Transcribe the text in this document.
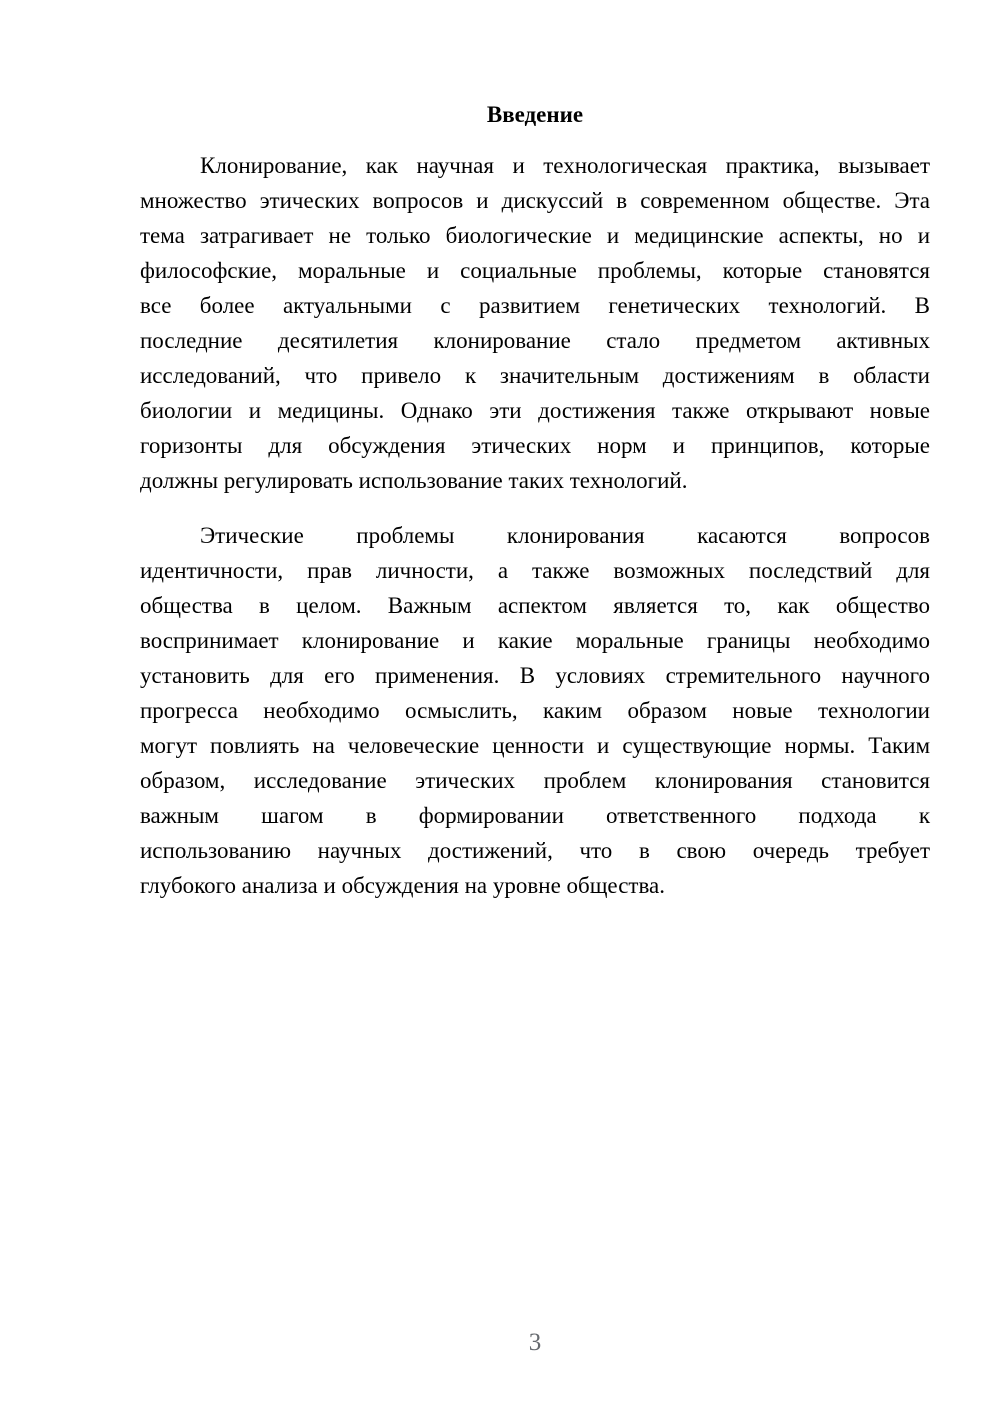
Введение
Клонирование, как научная и технологическая практика, вызывает
множество этических вопросов и дискуссий в современном обществе. Эта
тема затрагивает не только биологические и медицинские аспекты, но и
философские, моральные и социальные проблемы, которые становятся
все более актуальными с развитием генетических технологий. В
последние десятилетия клонирование стало предметом активных
исследований, что привело к значительным достижениям в области
биологии и медицины. Однако эти достижения также открывают новые
горизонты для обсуждения этических норм и принципов, которые
должны регулировать использование таких технологий.
Этические проблемы клонирования касаются вопросов
идентичности, прав личности, а также возможных последствий для
общества в целом. Важным аспектом является то, как общество
воспринимает клонирование и какие моральные границы необходимо
установить для его применения. В условиях стремительного научного
прогресса необходимо осмыслить, каким образом новые технологии
могут повлиять на человеческие ценности и существующие нормы. Таким
образом, исследование этических проблем клонирования становится
важным шагом в формировании ответственного подхода к
использованию научных достижений, что в свою очередь требует
глубокого анализа и обсуждения на уровне общества.
3
